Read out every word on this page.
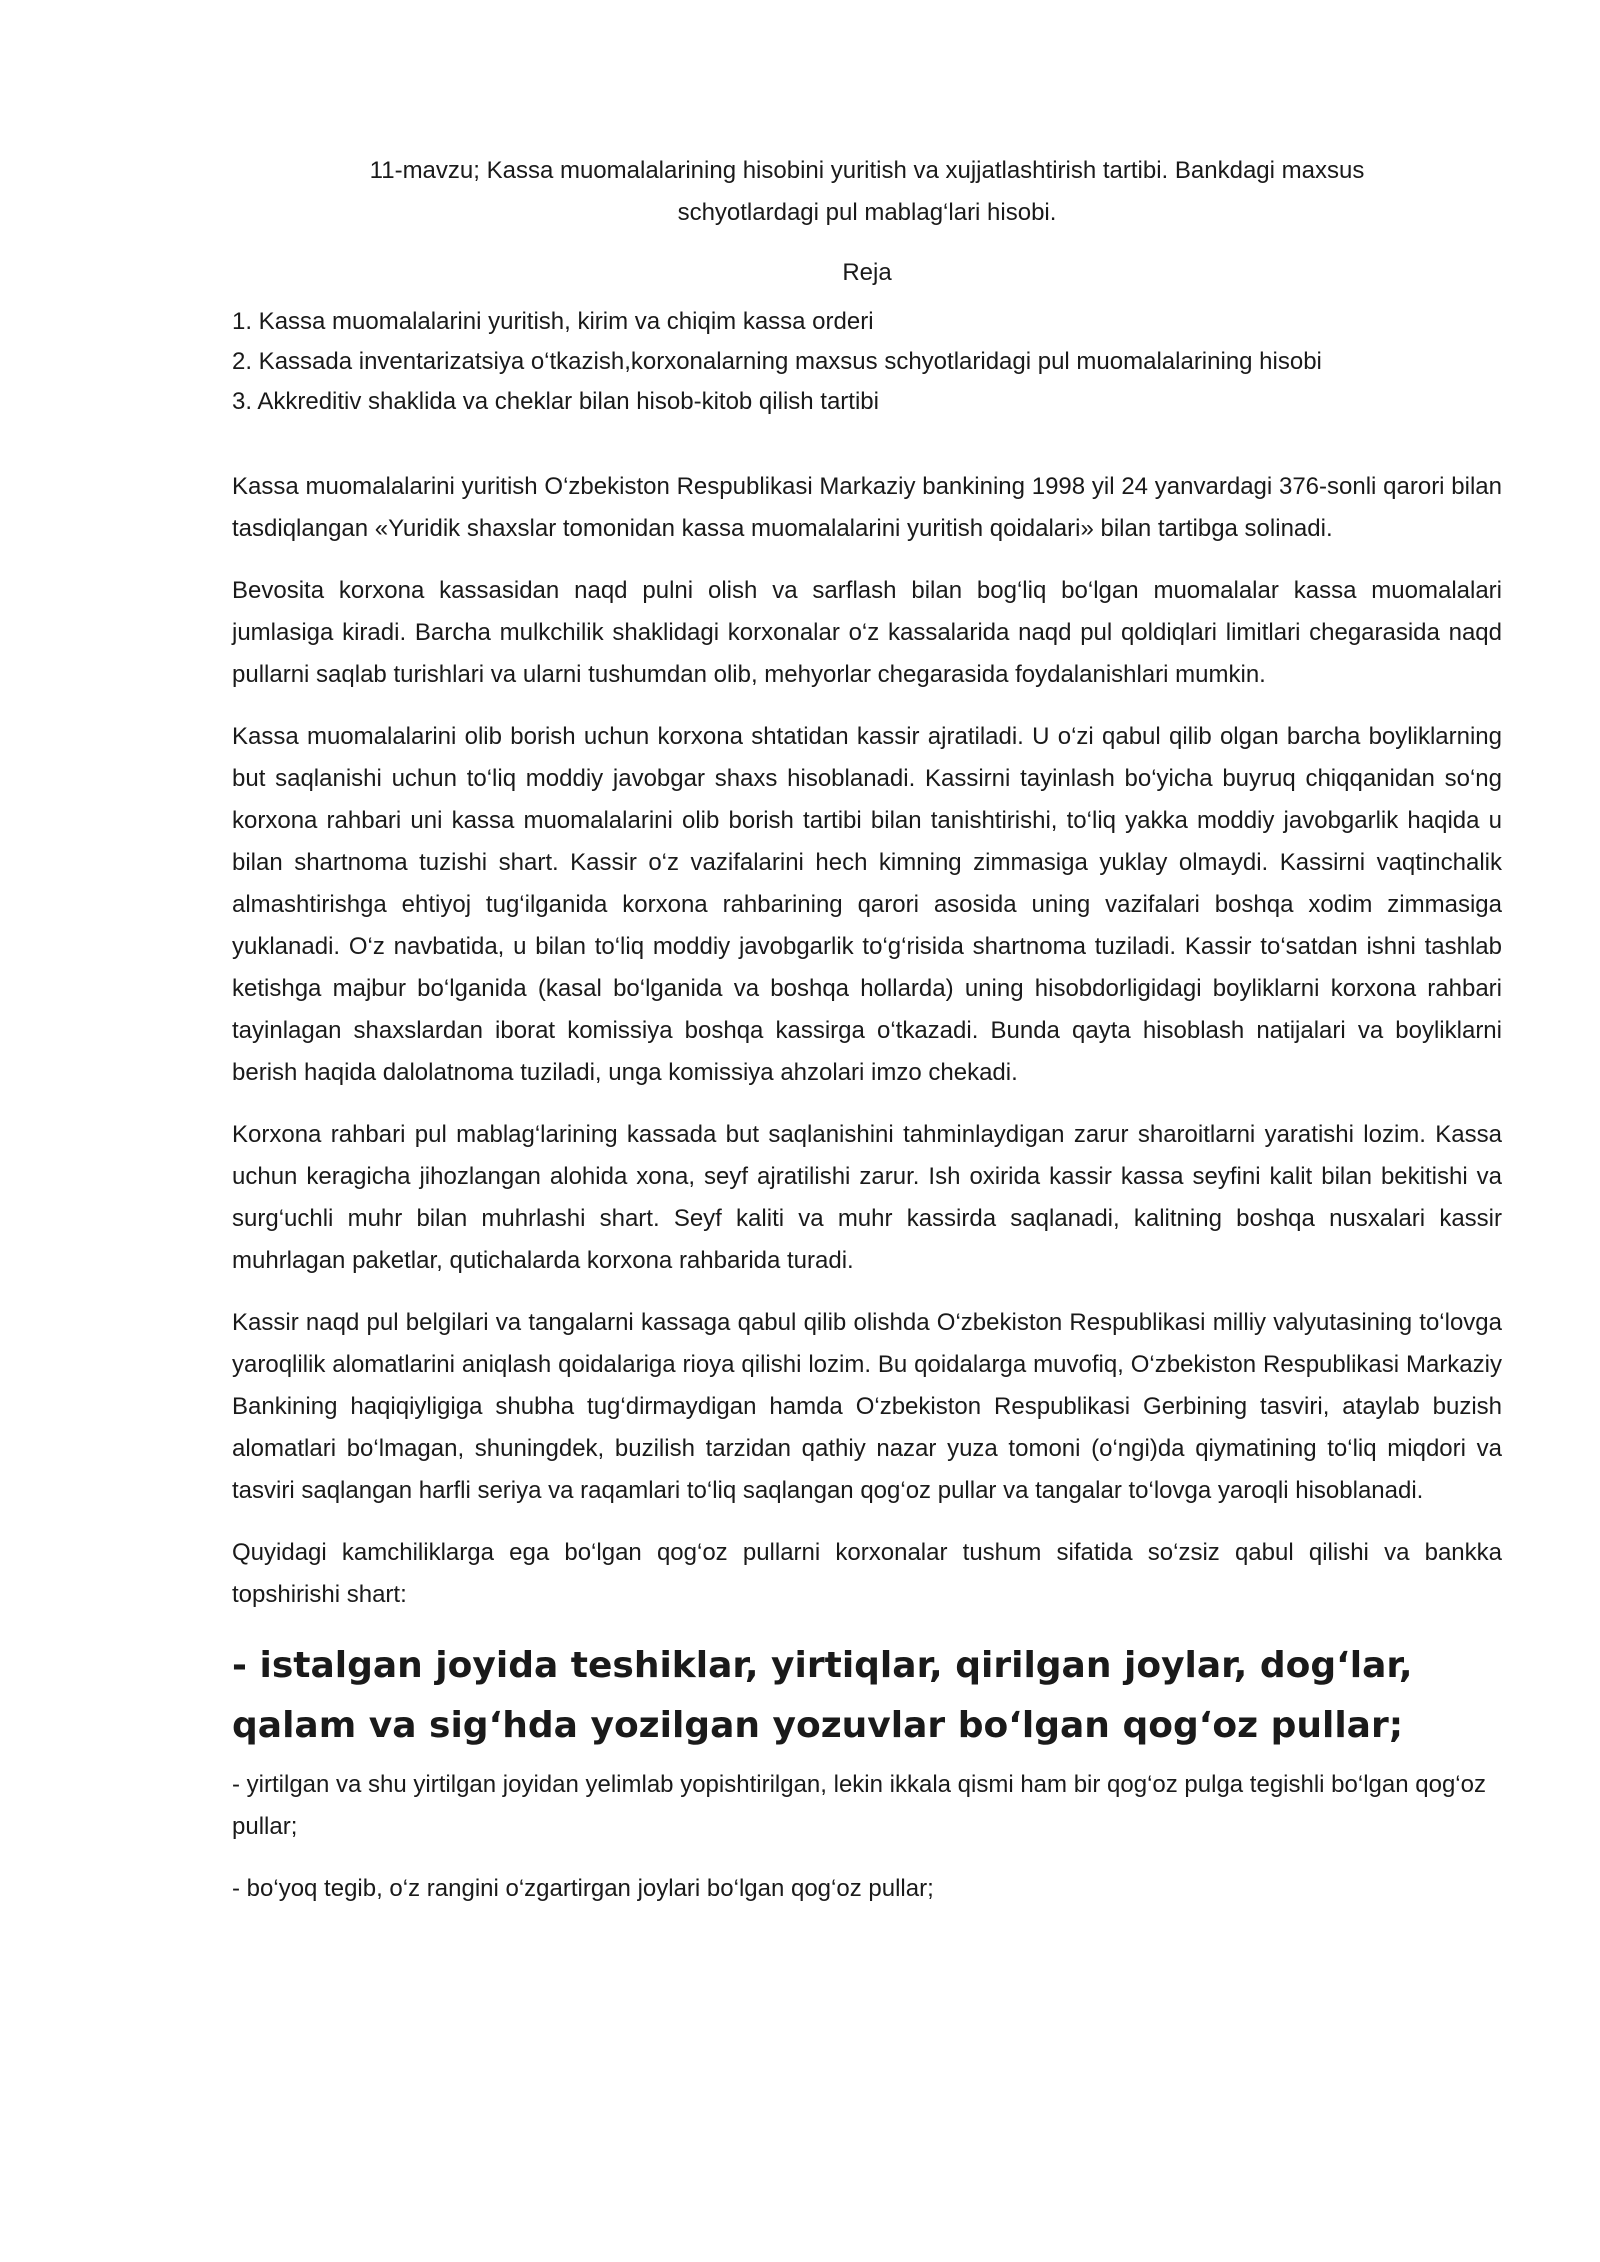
11-mavzu; Kassa muomalalarining hisobini yuritish va xujjatlashtirish tartibi. Bankdagi maxsus
schyotlardagi pul mablag‘lari hisobi.
Reja
1. Kassa muomalalarini yuritish, kirim va chiqim kassa orderi
2. Kassada inventarizatsiya o‘tkazish,korxonalarning maxsus schyotlaridagi pul muomalalarining hisobi
3. Akkreditiv shaklida va cheklar bilan hisob-kitob qilish tartibi

Kassa muomalalarini yuritish O‘zbekiston Respublikasi Markaziy bankining 1998 yil 24 yanvardagi 376-sonli qarori bilan tasdiqlangan «Yuridik shaxslar tomonidan kassa muomalalarini yuritish qoidalari» bilan tartibga solinadi.

Bevosita korxona kassasidan naqd pulni olish va sarflash bilan bog‘liq bo‘lgan muomalalar kassa muomalalari jumlasiga kiradi. Barcha mulkchilik shaklidagi korxonalar o‘z kassalarida naqd pul qoldiqlari limitlari chegarasida naqd pullarni saqlab turishlari va ularni tushumdan olib, mehyorlar chegarasida foydalanishlari mumkin.

Kassa muomalalarini olib borish uchun korxona shtatidan kassir ajratiladi. U o‘zi qabul qilib olgan barcha boyliklarning but saqlanishi uchun to‘liq moddiy javobgar shaxs hisoblanadi. Kassirni tayinlash bo‘yicha buyruq chiqqanidan so‘ng korxona rahbari uni kassa muomalalarini olib borish tartibi bilan tanishtirishi, to‘liq yakka moddiy javobgarlik haqida u bilan shartnoma tuzishi shart. Kassir o‘z vazifalarini hech kimning zimmasiga yuklay olmaydi. Kassirni vaqtinchalik almashtirishga ehtiyoj tug‘ilganida korxona rahbarining qarori asosida uning vazifalari boshqa xodim zimmasiga yuklanadi. O‘z navbatida, u bilan to‘liq moddiy javobgarlik to‘g‘risida shartnoma tuziladi. Kassir to‘satdan ishni tashlab ketishga majbur bo‘lganida (kasal bo‘lganida va boshqa hollarda) uning hisobdorligidagi boyliklarni korxona rahbari tayinlagan shaxslardan iborat komissiya boshqa kassirga o‘tkazadi. Bunda qayta hisoblash natijalari va boyliklarni berish haqida dalolatnoma tuziladi, unga komissiya ahzolari imzo chekadi.

Korxona rahbari pul mablag‘larining kassada but saqlanishini tahminlaydigan zarur sharoitlarni yaratishi lozim. Kassa uchun keragicha jihozlangan alohida xona, seyf ajratilishi zarur. Ish oxirida kassir kassa seyfini kalit bilan bekitishi va surg‘uchli muhr bilan muhrlashi shart. Seyf kaliti va muhr kassirda saqlanadi, kalitning boshqa nusxalari kassir muhrlagan paketlar, qutichalarda korxona rahbarida turadi.

Kassir naqd pul belgilari va tangalarni kassaga qabul qilib olishda O‘zbekiston Respublikasi milliy valyutasining to‘lovga yaroqlilik alomatlarini aniqlash qoidalariga rioya qilishi lozim. Bu qoidalarga muvofiq, O‘zbekiston Respublikasi Markaziy Bankining haqiqiyligiga shubha tug‘dirmaydigan hamda O‘zbekiston Respublikasi Gerbining tasviri, ataylab buzish alomatlari bo‘lmagan, shuningdek, buzilish tarzidan qathiy nazar yuza tomoni (o‘ngi)da qiymatining to‘liq miqdori va tasviri saqlangan harfli seriya va raqamlari to‘liq saqlangan qog‘oz pullar va tangalar to‘lovga yaroqli hisoblanadi.

Quyidagi kamchiliklarga ega bo‘lgan qog‘oz pullarni korxonalar tushum sifatida so‘zsiz qabul qilishi va bankka topshirishi shart:

- istalgan joyida teshiklar, yirtiqlar, qirilgan joylar, dog‘lar, qalam va sig‘hda yozilgan yozuvlar bo‘lgan qog‘oz pullar;
- yirtilgan va shu yirtilgan joyidan yelimlab yopishtirilgan, lekin ikkala qismi ham bir qog‘oz pulga tegishli bo‘lgan qog‘oz pullar;
- bo‘yoq tegib, o‘z rangini o‘zgartirgan joylari bo‘lgan qog‘oz pullar;
